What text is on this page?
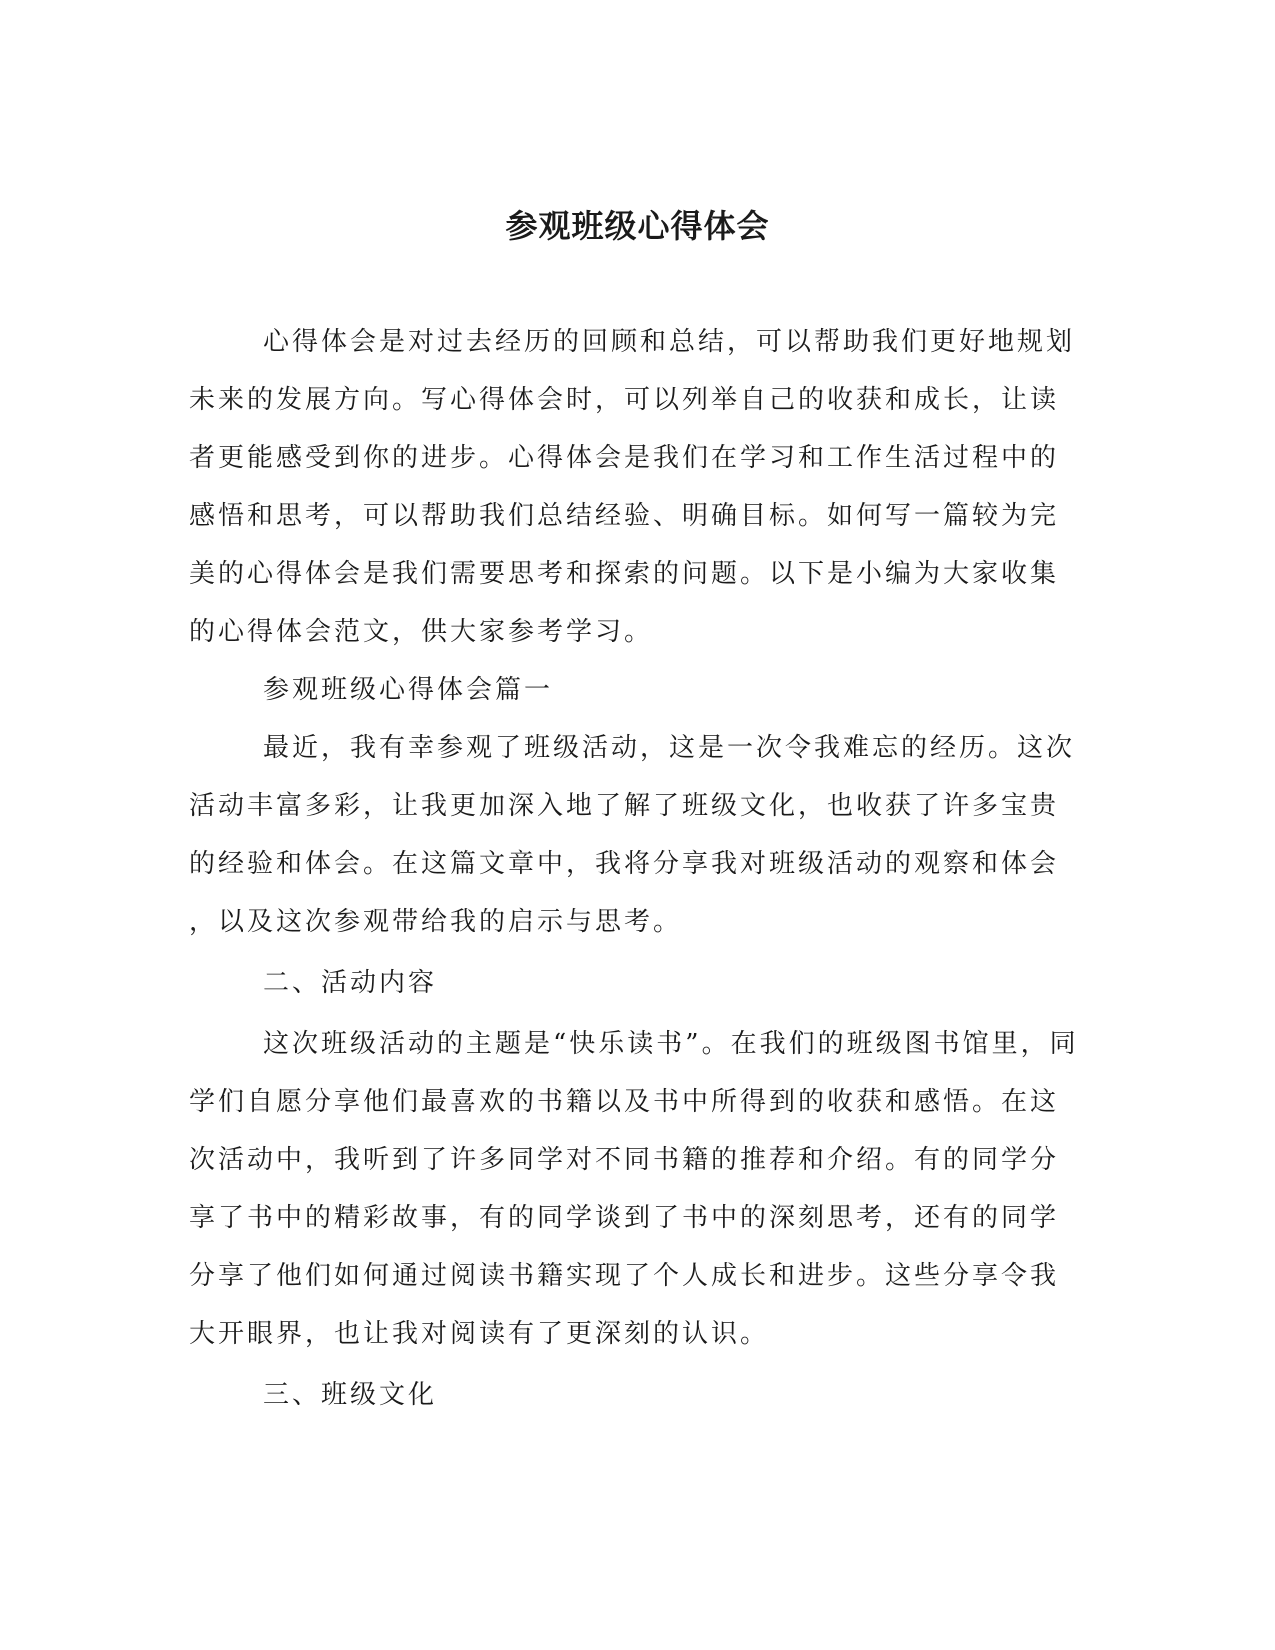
参观班级心得体会
心得体会是对过去经历的回顾和总结，可以帮助我们更好地规划
未来的发展方向。写心得体会时，可以列举自己的收获和成长，让读
者更能感受到你的进步。心得体会是我们在学习和工作生活过程中的
感悟和思考，可以帮助我们总结经验、明确目标。如何写一篇较为完
美的心得体会是我们需要思考和探索的问题。以下是小编为大家收集
的心得体会范文，供大家参考学习。
参观班级心得体会篇一
最近，我有幸参观了班级活动，这是一次令我难忘的经历。这次
活动丰富多彩，让我更加深入地了解了班级文化，也收获了许多宝贵
的经验和体会。在这篇文章中，我将分享我对班级活动的观察和体会
，以及这次参观带给我的启示与思考。
二、活动内容
这次班级活动的主题是“快乐读书”。在我们的班级图书馆里，同
学们自愿分享他们最喜欢的书籍以及书中所得到的收获和感悟。在这
次活动中，我听到了许多同学对不同书籍的推荐和介绍。有的同学分
享了书中的精彩故事，有的同学谈到了书中的深刻思考，还有的同学
分享了他们如何通过阅读书籍实现了个人成长和进步。这些分享令我
大开眼界，也让我对阅读有了更深刻的认识。
三、班级文化
